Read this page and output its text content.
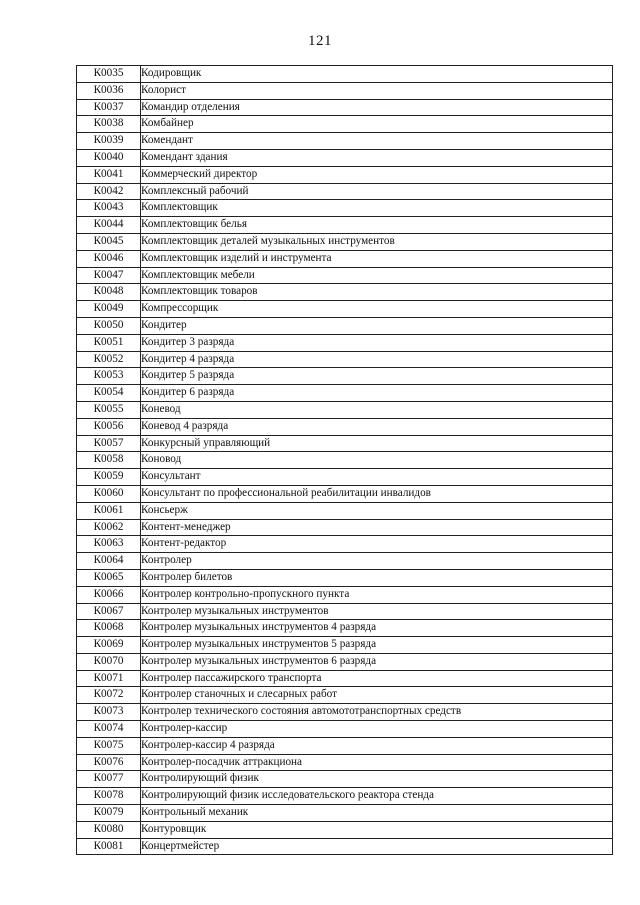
121
К0035	Кодировщик
К0036	Колорист
К0037	Командир отделения
К0038	Комбайнер
К0039	Комендант
К0040	Комендант здания
К0041	Коммерческий директор
К0042	Комплексный рабочий
К0043	Комплектовщик
К0044	Комплектовщик белья
К0045	Комплектовщик деталей музыкальных инструментов
К0046	Комплектовщик изделий и инструмента
К0047	Комплектовщик мебели
К0048	Комплектовщик товаров
К0049	Компрессорщик
К0050	Кондитер
К0051	Кондитер 3 разряда
К0052	Кондитер 4 разряда
К0053	Кондитер 5 разряда
К0054	Кондитер 6 разряда
К0055	Коневод
К0056	Коневод 4 разряда
К0057	Конкурсный управляющий
К0058	Коновод
К0059	Консультант
К0060	Консультант по профессиональной реабилитации инвалидов
К0061	Консьерж
К0062	Контент-менеджер
К0063	Контент-редактор
К0064	Контролер
К0065	Контролер билетов
К0066	Контролер контрольно-пропускного пункта
К0067	Контролер музыкальных инструментов
К0068	Контролер музыкальных инструментов 4 разряда
К0069	Контролер музыкальных инструментов 5 разряда
К0070	Контролер музыкальных инструментов 6 разряда
К0071	Контролер пассажирского транспорта
К0072	Контролер станочных и слесарных работ
К0073	Контролер технического состояния автомототранспортных средств
К0074	Контролер-кассир
К0075	Контролер-кассир 4 разряда
К0076	Контролер-посадчик аттракциона
К0077	Контролирующий физик
К0078	Контролирующий физик исследовательского реактора стенда
К0079	Контрольный механик
К0080	Контуровщик
К0081	Концертмейстер
